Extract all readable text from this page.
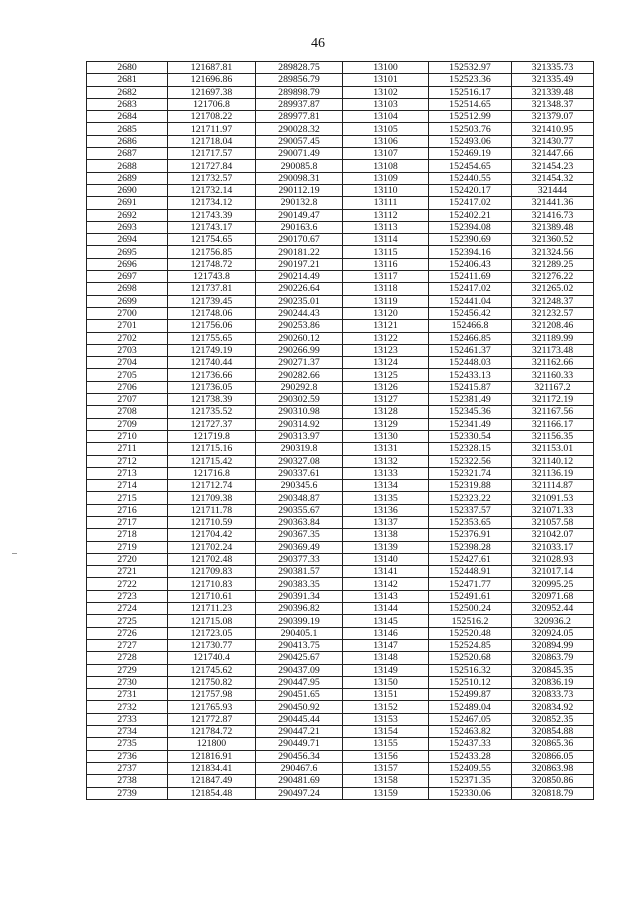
46
2680	121687.81	289828.75	13100	152532.97	321335.73
2681	121696.86	289856.79	13101	152523.36	321335.49
2682	121697.38	289898.79	13102	152516.17	321339.48
2683	121706.8	289937.87	13103	152514.65	321348.37
2684	121708.22	289977.81	13104	152512.99	321379.07
2685	121711.97	290028.32	13105	152503.76	321410.95
2686	121718.04	290057.45	13106	152493.06	321430.77
2687	121717.57	290071.49	13107	152469.19	321447.66
2688	121727.84	290085.8	13108	152454.65	321454.23
2689	121732.57	290098.31	13109	152440.55	321454.32
2690	121732.14	290112.19	13110	152420.17	321444
2691	121734.12	290132.8	13111	152417.02	321441.36
2692	121743.39	290149.47	13112	152402.21	321416.73
2693	121743.17	290163.6	13113	152394.08	321389.48
2694	121754.65	290170.67	13114	152390.69	321360.52
2695	121756.85	290181.22	13115	152394.16	321324.56
2696	121748.72	290197.21	13116	152406.43	321289.25
2697	121743.8	290214.49	13117	152411.69	321276.22
2698	121737.81	290226.64	13118	152417.02	321265.02
2699	121739.45	290235.01	13119	152441.04	321248.37
2700	121748.06	290244.43	13120	152456.42	321232.57
2701	121756.06	290253.86	13121	152466.8	321208.46
2702	121755.65	290260.12	13122	152466.85	321189.99
2703	121749.19	290266.99	13123	152461.37	321173.48
2704	121740.44	290271.37	13124	152448.03	321162.66
2705	121736.66	290282.66	13125	152433.13	321160.33
2706	121736.05	290292.8	13126	152415.87	321167.2
2707	121738.39	290302.59	13127	152381.49	321172.19
2708	121735.52	290310.98	13128	152345.36	321167.56
2709	121727.37	290314.92	13129	152341.49	321166.17
2710	121719.8	290313.97	13130	152330.54	321156.35
2711	121715.16	290319.8	13131	152328.15	321153.01
2712	121715.42	290327.08	13132	152322.56	321140.12
2713	121716.8	290337.61	13133	152321.74	321136.19
2714	121712.74	290345.6	13134	152319.88	321114.87
2715	121709.38	290348.87	13135	152323.22	321091.53
2716	121711.78	290355.67	13136	152337.57	321071.33
2717	121710.59	290363.84	13137	152353.65	321057.58
2718	121704.42	290367.35	13138	152376.91	321042.07
2719	121702.24	290369.49	13139	152398.28	321033.17
2720	121702.48	290377.33	13140	152427.61	321028.93
2721	121709.83	290381.57	13141	152448.91	321017.14
2722	121710.83	290383.35	13142	152471.77	320995.25
2723	121710.61	290391.34	13143	152491.61	320971.68
2724	121711.23	290396.82	13144	152500.24	320952.44
2725	121715.08	290399.19	13145	152516.2	320936.2
2726	121723.05	290405.1	13146	152520.48	320924.05
2727	121730.77	290413.75	13147	152524.85	320894.99
2728	121740.4	290425.67	13148	152520.68	320863.79
2729	121745.62	290437.09	13149	152516.32	320845.35
2730	121750.82	290447.95	13150	152510.12	320836.19
2731	121757.98	290451.65	13151	152499.87	320833.73
2732	121765.93	290450.92	13152	152489.04	320834.92
2733	121772.87	290445.44	13153	152467.05	320852.35
2734	121784.72	290447.21	13154	152463.82	320854.88
2735	121800	290449.71	13155	152437.33	320865.36
2736	121816.91	290456.34	13156	152433.28	320866.05
2737	121834.41	290467.6	13157	152409.55	320863.98
2738	121847.49	290481.69	13158	152371.35	320850.86
2739	121854.48	290497.24	13159	152330.06	320818.79
